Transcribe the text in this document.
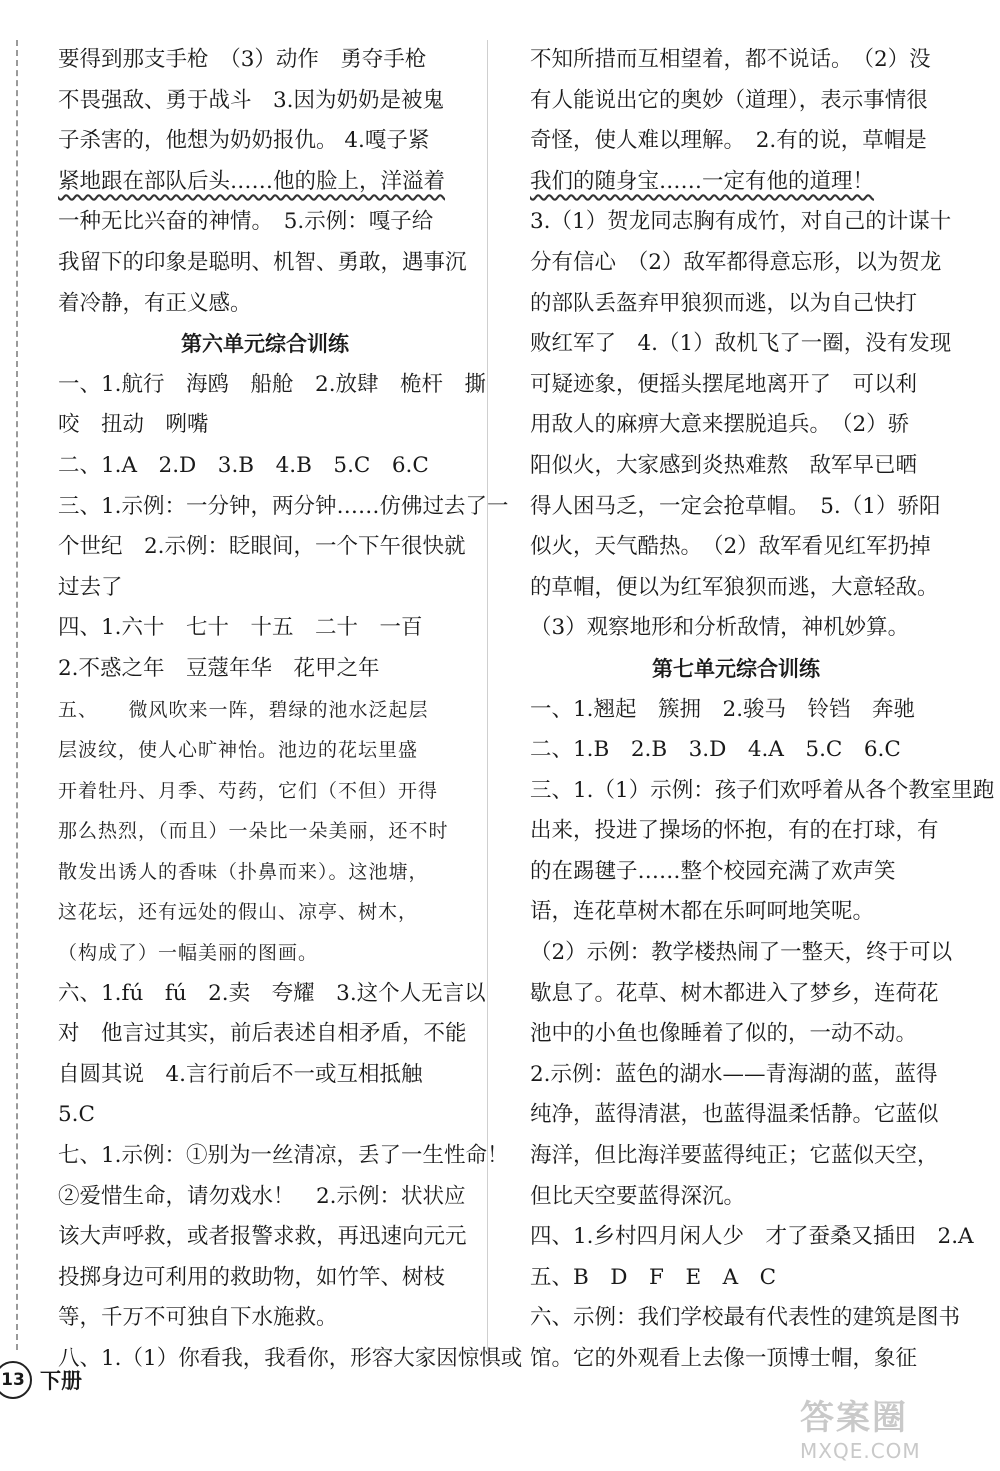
要得到那支手枪　（3）动作　勇夺手枪
不畏强敌、勇于战斗　3.因为奶奶是被鬼
子杀害的，他想为奶奶报仇。 4.嘎子紧
紧地跟在部队后头……他的脸上，洋溢着
一种无比兴奋的神情。　5.示例：嘎子给
我留下的印象是聪明、机智、勇敢，遇事沉
着冷静，有正义感。
第六单元综合训练
一、1.航行　海鸥　船舱　2.放肆　桅杆　撕
咬　扭动　咧嘴
二、1.A　2.D　3.B　4.B　5.C　6.C
三、1.示例：一分钟，两分钟……仿佛过去了一
个世纪　2.示例：眨眼间，一个下午很快就
过去了
四、1.六十　七十　十五　二十　一百
2.不惑之年　豆蔻年华　花甲之年
五、　　微风吹来一阵，碧绿的池水泛起层
层波纹，使人心旷神怡。池边的花坛里盛
开着牡丹、月季、芍药，它们（不但）开得
那么热烈，（而且）一朵比一朵美丽，还不时
散发出诱人的香味（扑鼻而来）。这池塘，
这花坛，还有远处的假山、凉亭、树木，
（构成了）一幅美丽的图画。
六、1.fú　fú　2.卖　夸耀　3.这个人无言以
对　他言过其实，前后表述自相矛盾，不能
自圆其说　4.言行前后不一或互相抵触
5.C
七、1.示例：①别为一丝清凉，丢了一生性命！
②爱惜生命，请勿戏水！　2.示例：状状应
该大声呼救，或者报警求救，再迅速向元元
投掷身边可利用的救助物，如竹竿、树枝
等，千万不可独自下水施救。
八、1.（1）你看我，我看你，形容大家因惊惧或
不知所措而互相望着，都不说话。　（2）没
有人能说出它的奥妙（道理），表示事情很
奇怪，使人难以理解。　2.有的说，草帽是
我们的随身宝……一定有他的道理！
3.（1）贺龙同志胸有成竹，对自己的计谋十
分有信心　（2）敌军都得意忘形，以为贺龙
的部队丢盔弃甲狼狈而逃，以为自己快打
败红军了　4.（1）敌机飞了一圈，没有发现
可疑迹象，便摇头摆尾地离开了　可以利
用敌人的麻痹大意来摆脱追兵。　（2）骄
阳似火，大家感到炎热难熬　敌军早已晒
得人困马乏，一定会抢草帽。　5.（1）骄阳
似火，天气酷热。　（2）敌军看见红军扔掉
的草帽，便以为红军狼狈而逃，大意轻敌。
（3）观察地形和分析敌情，神机妙算。
第七单元综合训练
一、1.翘起　簇拥　2.骏马　铃铛　奔驰
二、1.B　2.B　3.D　4.A　5.C　6.C
三、1.（1）示例：孩子们欢呼着从各个教室里跑
出来，投进了操场的怀抱，有的在打球，有
的在踢毽子……整个校园充满了欢声笑
语，连花草树木都在乐呵呵地笑呢。
（2）示例：教学楼热闹了一整天，终于可以
歇息了。花草、树木都进入了梦乡，连荷花
池中的小鱼也像睡着了似的，一动不动。
2.示例：蓝色的湖水——青海湖的蓝，蓝得
纯净，蓝得清湛，也蓝得温柔恬静。它蓝似
海洋，但比海洋要蓝得纯正；它蓝似天空，
但比天空要蓝得深沉。
四、1.乡村四月闲人少　才了蚕桑又插田　2.A
五、B　D　F　E　A　C
六、示例：我们学校最有代表性的建筑是图书
馆。它的外观看上去像一顶博士帽，象征
13 下册
答案圈
MXQE.COM
